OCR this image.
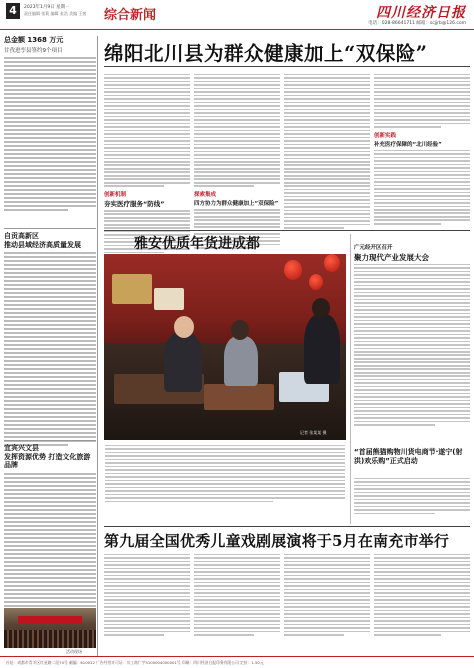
4	2023年1月9日 星期一
责任编辑 张莉 编辑 张浩 美编 王茜 综合新闻	四川经济日报
电话：028-86641711 邮箱：scjjrb@126.com
总金额 1368 万元
甘孜进孪县签约9个项目
自贡高新区
推动县域经济高质量发展
宜宾兴文县
发挥资源优势 打造文化旅游品牌
活动现场
绵阳北川县为群众健康加上“双保险”
创新机制
夯实医疗服务“防线”
探索集成
四方协力为群众健康加上“双保险”
创新实践
补充医疗保障的“北川经验”
雅安优质年货进成都
记者 张某某 摄
广元经开区召开
聚力现代产业发展大会
“首届熊猫购物川货电商节·遂宁(射洪)欢乐购”正式启动
第九届全国优秀儿童戏剧展演将于5月在南充市举行
社址：成都市青羊区红星路二段70号 邮编：610012 广告经营许可证：川工商广字5100004000001号 印刷：四川经济日报印务有限公司 定价：1.50元
